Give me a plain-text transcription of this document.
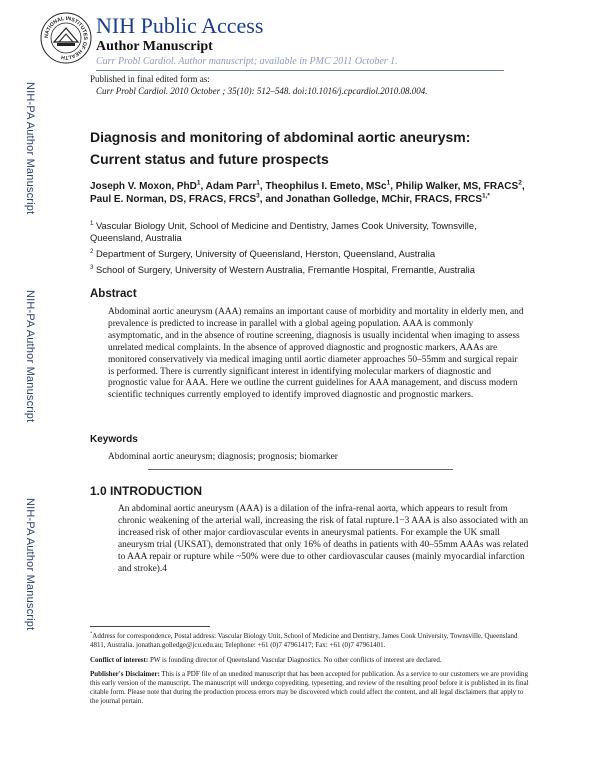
NATIONAL INSTITUTES OF HEALTH
NIH Public Access
Author Manuscript
Curr Probl Cardiol. Author manuscript; available in PMC 2011 October 1.
Published in final edited form as:
Curr Probl Cardiol. 2010 October ; 35(10): 512–548. doi:10.1016/j.cpcardiol.2010.08.004.
NIH-PA Author Manuscript
NIH-PA Author Manuscript
NIH-PA Author Manuscript
Diagnosis and monitoring of abdominal aortic aneurysm:
Current status and future prospects
Joseph V. Moxon, PhD$^1$, Adam Parr$^1$, Theophilus I. Emeto, MSc$^1$, Philip Walker, MS, FRACS$^2$, Paul E. Norman, DS, FRACS, FRCS$^3$, and Jonathan Golledge, MChir, FRACS, $FRCS^{1,*}$
$^1$ Vascular Biology Unit, School of Medicine and Dentistry, James Cook University, Townsville, Queensland, Australia
$^2$ Department of Surgery, University of Queensland, Herston, Queensland, Australia
$^3$ School of Surgery, University of Western Australia, Fremantle Hospital, Fremantle, Australia
Abstract
Abdominal aortic aneurysm (AAA) remains an important cause of morbidity and mortality in elderly men, and prevalence is predicted to increase in parallel with a global ageing population. AAA is commonly asymptomatic, and in the absence of routine screening, diagnosis is usually incidental when imaging to assess unrelated medical complaints. In the absence of approved diagnostic and prognostic markers, AAAs are monitored conservatively via medical imaging until aortic diameter approaches 50–55mm and surgical repair is performed. There is currently significant interest in identifying molecular markers of diagnostic and prognostic value for AAA. Here we outline the current guidelines for AAA management, and discuss modern scientific techniques currently employed to identify improved diagnostic and prognostic markers.
Keywords
Abdominal aortic aneurysm; diagnosis; prognosis; biomarker
1.0 INTRODUCTION
An abdominal aortic aneurysm (AAA) is a dilation of the infra-renal aorta, which appears to result from chronic weakening of the arterial wall, increasing the risk of fatal rupture.1−3 AAA is also associated with an increased risk of other major cardiovascular events in aneurysmal patients. For example the UK small aneurysm trial (UKSAT), demonstrated that only 16% of deaths in patients with 40–55mm AAAs was related to AAA repair or rupture while ~50% were due to other cardiovascular causes (mainly myocardial infarction and stroke).4
*Address for correspondence, Postal address: Vascular Biology Unit, School of Medicine and Dentistry, James Cook University, Townsville, Queensland 4811, Australia. jonathan.golledge@jcu.edu.au; Telephone: +61 (0)7 47961417; Fax: +61 (0)7 47961401.
Conflict of interest: PW is founding director of Queensland Vascular Diagnostics. No other conflicts of interest are declared.
Publisher's Disclaimer: This is a PDF file of an unedited manuscript that has been accepted for publication. As a service to our customers we are providing this early version of the manuscript. The manuscript will undergo copyediting, typesetting, and review of the resulting proof before it is published in its final citable form. Please note that during the production process errors may be discovered which could affect the content, and all legal disclaimers that apply to the journal pertain.
